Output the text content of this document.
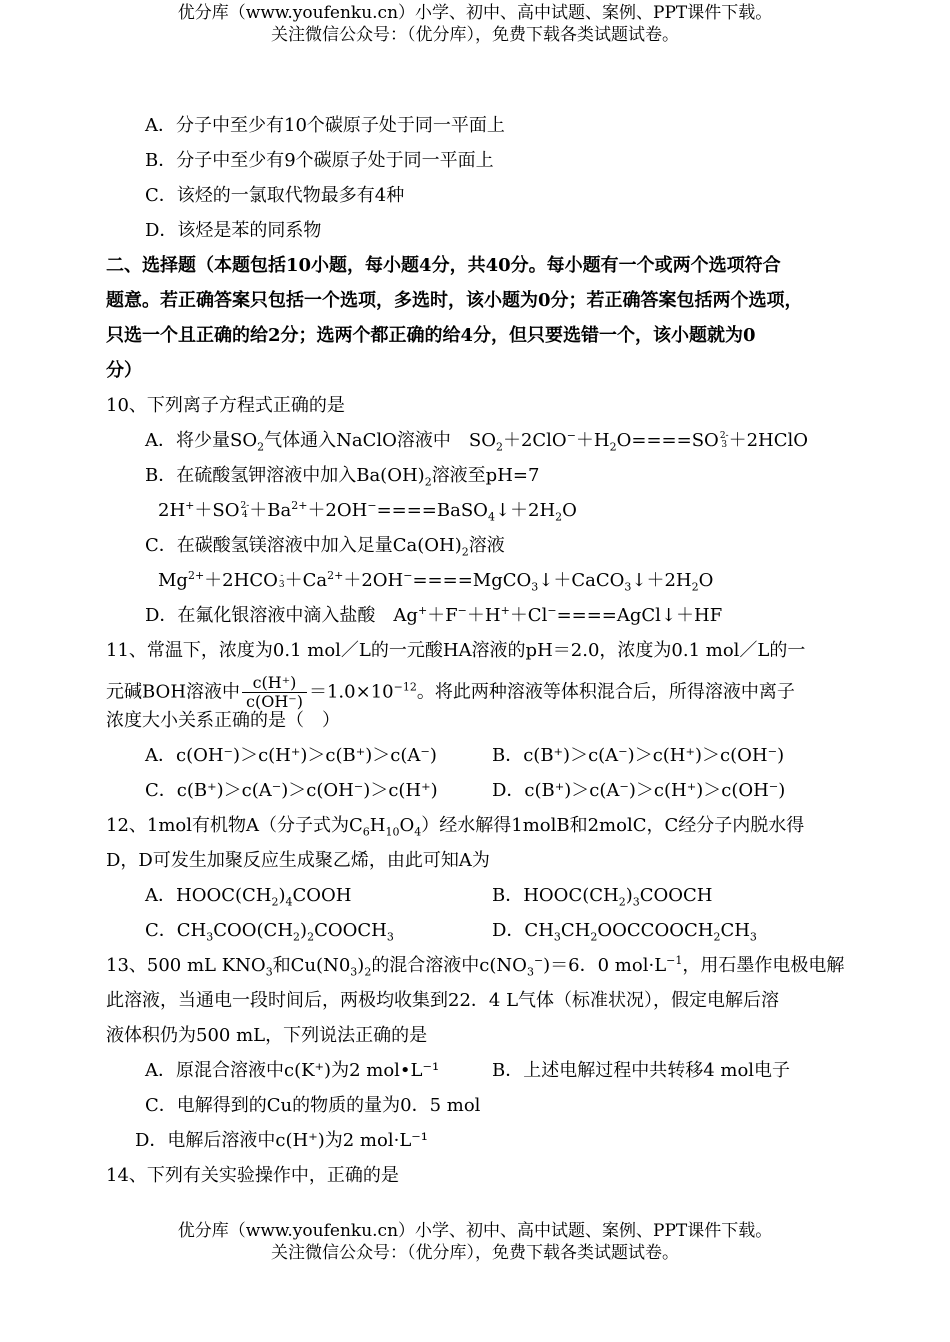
优分库（www.youfenku.cn）小学、初中、高中试题、案例、PPT课件下载。
关注微信公众号：（优分库），免费下载各类试题试卷。
A．分子中至少有10个碳原子处于同一平面上
B．分子中至少有9个碳原子处于同一平面上
C．该烃的一氯取代物最多有4种
D．该烃是苯的同系物
二、选择题（本题包括10小题，每小题4分，共40分。每小题有一个或两个选项符合
题意。若正确答案只包括一个选项，多选时，该小题为0分；若正确答案包括两个选项，
只选一个且正确的给2分；选两个都正确的给4分，但只要选错一个，该小题就为0
分）
10、下列离子方程式正确的是
A．将少量$SO_2$气体通入NaClO溶液中　$SO_2+2ClO^-+H_2O====SO$ 2-
3 ＋2HClO
B．在硫酸氢钾溶液中加入$Ba(OH)_2$溶液至pH=7
2H+＋SO 2-
$4 +Ba^{2+}+2OH^-====BaSO_4↓+2H_2O$
C．在碳酸氢镁溶液中加入足量$Ca(OH)_2$溶液
$Mg^{2+}+2HCO$ -
$3 +Ca^{2+}+2OH^-====MgCO_3↓+CaCO_3↓+2H_2O$
D．在氟化银溶液中滴入盐酸　Ag+＋F−＋H+＋Cl−====AgCl↓＋HF
11、常温下，浓度为0.1 mol／L的一元酸HA溶液的pH＝2.0，浓度为0.1 mol／L的一
元碱BOH溶液中 $\frac{c(H^+)}{c(OH^-)} =1.0\times 10^{-12}$。将此两种溶液等体积混合后，所得溶液中离子
浓度大小关系正确的是（　）
A．c(OH⁻)＞c(H⁺)＞c(B⁺)＞c(A⁻)	B．c(B⁺)＞c(A⁻)＞c(H⁺)＞c(OH⁻)
C．c(B⁺)＞c(A⁻)＞c(OH⁻)＞c(H⁺)	D．c(B⁺)＞c(A⁻)＞c(H⁺)＞c(OH⁻)
12、1mol有机物A（分子式为$C_6H_{10}O_4$）经水解得1molB和2molC，C经分子内脱水得
D，D可发生加聚反应生成聚乙烯，由此可知A为
A．$HOOC(CH_2)_4COOH$	B．$HOOC(CH_2)_3COOCH$
C．$CH_3COO(CH_2)_2COOCH_3$	D．$CH_3CH_2OOCCOOCH_2CH_3$
13、500 mL $KNO_3$和$Cu(N0_3)_2$的混合溶液中$c(NO_3^-)=6$．0 $mol\cdot L^{-1}$，用石墨作电极电解
此溶液，当通电一段时间后，两极均收集到22．4 L气体（标准状况），假定电解后溶
液体积仍为500 mL，下列说法正确的是
A．原混合溶液中c(K⁺)为2 mol•L⁻¹	B．上述电解过程中共转移4 mol电子
C．电解得到的Cu的物质的量为0．5 mol
D．电解后溶液中c(H⁺)为2 mol·L⁻¹
14、下列有关实验操作中，正确的是
优分库（www.youfenku.cn）小学、初中、高中试题、案例、PPT课件下载。
关注微信公众号：（优分库），免费下载各类试题试卷。
